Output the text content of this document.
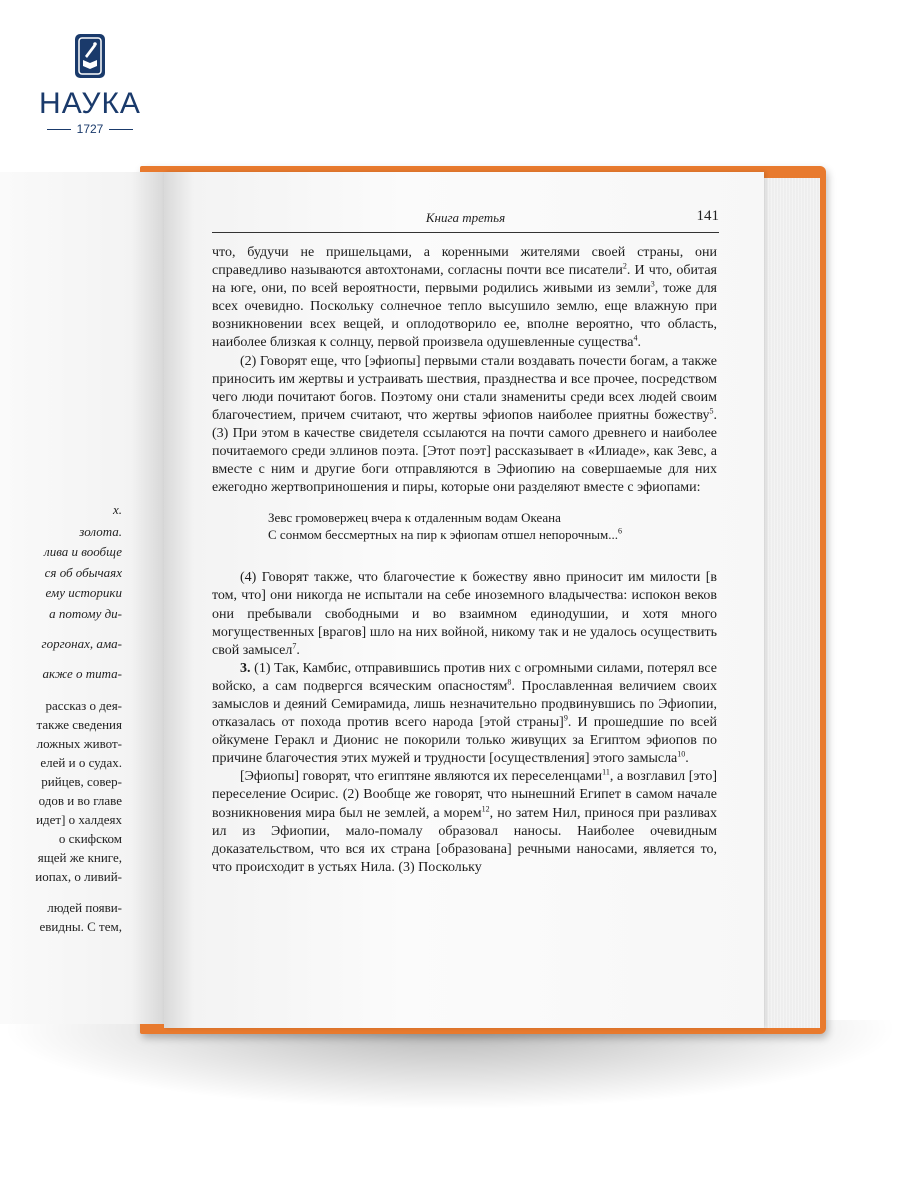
НАУКА
1727
х.
золота.
лива и вообще
ся об обычаях
ему историки
а потому ди-
горгонах, ама-
акже о тита-
рассказ о дея-
также сведения
ложных живот-
елей и о судах.
рийцев, совер-
одов и во главе
идет] о халдеях
о скифском
ящей же книге,
иопах, о ливий-
людей появи-
евидны. С тем,
Книга третья	141

что, будучи не пришельцами, а коренными жителями своей страны, они справедливо называются автохтонами, согласны почти все писатели$^2$. И что, обитая на юге, они, по всей вероятности, первыми родились живыми из земли$^3$, тоже для всех очевидно. Поскольку солнечное тепло высушило землю, еще влажную при возникновении всех вещей, и оплодотворило ее, вполне вероятно, что область, наиболее близкая к солнцу, первой произвела одушевленные существа$^4$.

(2) Говорят еще, что [эфиопы] первыми стали воздавать почести богам, а также приносить им жертвы и устраивать шествия, празднества и все прочее, посредством чего люди почитают богов. Поэтому они стали знамениты среди всех людей своим благочестием, причем считают, что жертвы эфиопов наиболее приятны божеству$^5$. (3) При этом в качестве свидетеля ссылаются на почти самого древнего и наиболее почитаемого среди эллинов поэта. [Этот поэт] рассказывает в «Илиаде», как Зевс, а вместе с ним и другие боги отправляются в Эфиопию на совершаемые для них ежегодно жертвоприношения и пиры, которые они разделяют вместе с эфиопами:

Зевс громовержец вчера к отдаленным водам Океана
С сонмом бессмертных на пир к эфиопам отшел непорочным...$^6$

(4) Говорят также, что благочестие к божеству явно приносит им милости [в том, что] они никогда не испытали на себе иноземного владычества: испокон веков они пребывали свободными и во взаимном единодушии, и хотя много могущественных [врагов] шло на них войной, никому так и не удалось осуществить свой замысел$^7$.

3. (1) Так, Камбис, отправившись против них с огромными силами, потерял все войско, а сам подвергся всяческим опасностям$^8$. Прославленная величием своих замыслов и деяний Семирамида, лишь незначительно продвинувшись по Эфиопии, отказалась от похода против всего народа [этой страны]$^9$. И прошедшие по всей ойкумене Геракл и Дионис не покорили только живущих за Египтом эфиопов по причине благочестия этих мужей и трудности [осуществления] этого замысла$^{10}$.

[Эфиопы] говорят, что египтяне являются их переселенцами$^{11}$, а возглавил [это] переселение Осирис. (2) Вообще же говорят, что нынешний Египет в самом начале возникновения мира был не землей, а морем$^{12}$, но затем Нил, принося при разливах ил из Эфиопии, мало-помалу образовал наносы. Наиболее очевидным доказательством, что вся их страна [образована] речными наносами, является то, что происходит в устьях Нила. (3) Поскольку
